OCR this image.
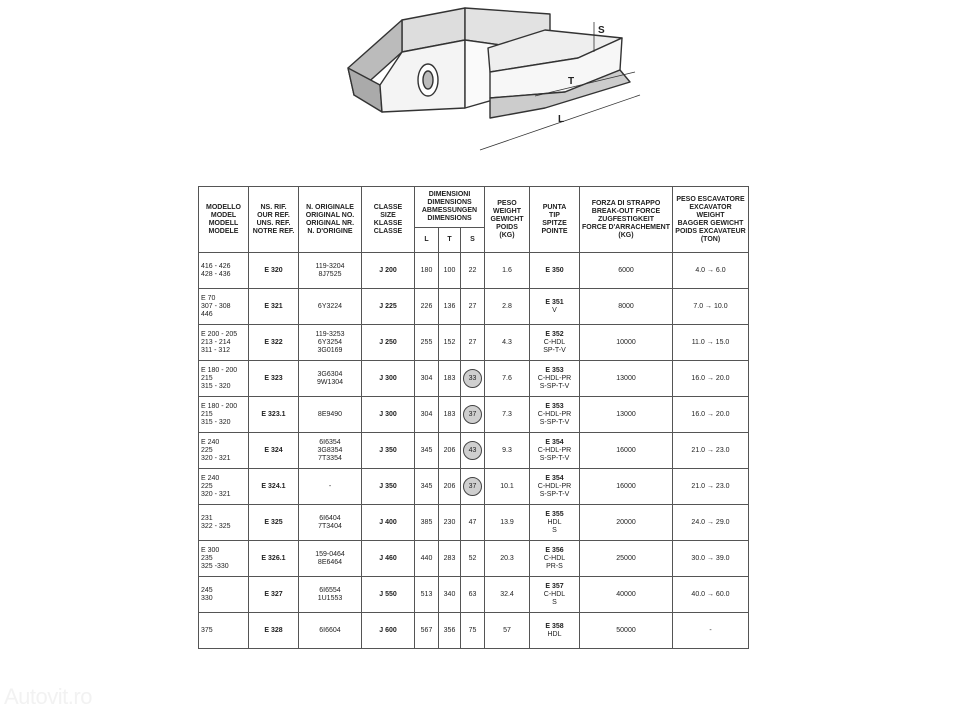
S
T
L
MODELLO
MODEL
MODELL
MODELE	NS. RIF.
OUR REF.
UNS. REF.
NOTRE REF.	N. ORIGINALE
ORIGINAL NO.
ORIGINAL NR.
N. D'ORIGINE	CLASSE
SIZE
KLASSE
CLASSE	DIMENSIONI
DIMENSIONS
ABMESSUNGEN
DIMENSIONS			PESO
WEIGHT
GEWICHT
POIDS
(KG)	PUNTA
TIP
SPITZE
POINTE	FORZA DI STRAPPO
BREAK-OUT FORCE
ZUGFESTIGKEIT
FORCE D'ARRACHEMENT
(KG)	PESO ESCAVATORE
EXCAVATOR WEIGHT
BAGGER GEWICHT
POIDS EXCAVATEUR
(TON)

				L	T	S				

416 - 426
428 - 436	E 320	119-3204
8J7525	J 200	180	100	22	1.6	E 350	6000	4.0 → 6.0

E 70
307 - 308
446	E 321	6Y3224	J 225	226	136	27	2.8	E 351
V	8000	7.0 → 10.0

E 200 - 205
213 - 214
311 - 312	E 322	119-3253
6Y3254
3G0169	J 250	255	152	27	4.3	E 352
C-HDL
SP-T-V	10000	11.0 → 15.0

E 180 - 200
215
315 - 320	E 323	3G6304
9W1304	J 300	304	183	33	7.6	E 353
C-HDL-PR
S-SP-T-V	13000	16.0 → 20.0

E 180 - 200
215
315 - 320	E 323.1	8E9490	J 300	304	183	37	7.3	E 353
C-HDL-PR
S-SP-T-V	13000	16.0 → 20.0

E 240
225
320 - 321	E 324	6I6354
3G8354
7T3354	J 350	345	206	43	9.3	E 354
C-HDL-PR
S-SP-T-V	16000	21.0 → 23.0

E 240
225
320 - 321	E 324.1	-	J 350	345	206	37	10.1	E 354
C-HDL-PR
S-SP-T-V	16000	21.0 → 23.0

231
322 - 325	E 325	6I6404
7T3404	J 400	385	230	47	13.9	E 355
HDL
S	20000	24.0 → 29.0

E 300
235
325 -330	E 326.1	159-0464
8E6464	J 460	440	283	52	20.3	E 356
C-HDL
PR-S	25000	30.0 → 39.0

245
330	E 327	6I6554
1U1553	J 550	513	340	63	32.4	E 357
C-HDL
S	40000	40.0 → 60.0

375	E 328	6I6604	J 600	567	356	75	57	E 358
HDL	50000	-
Autovit.ro
